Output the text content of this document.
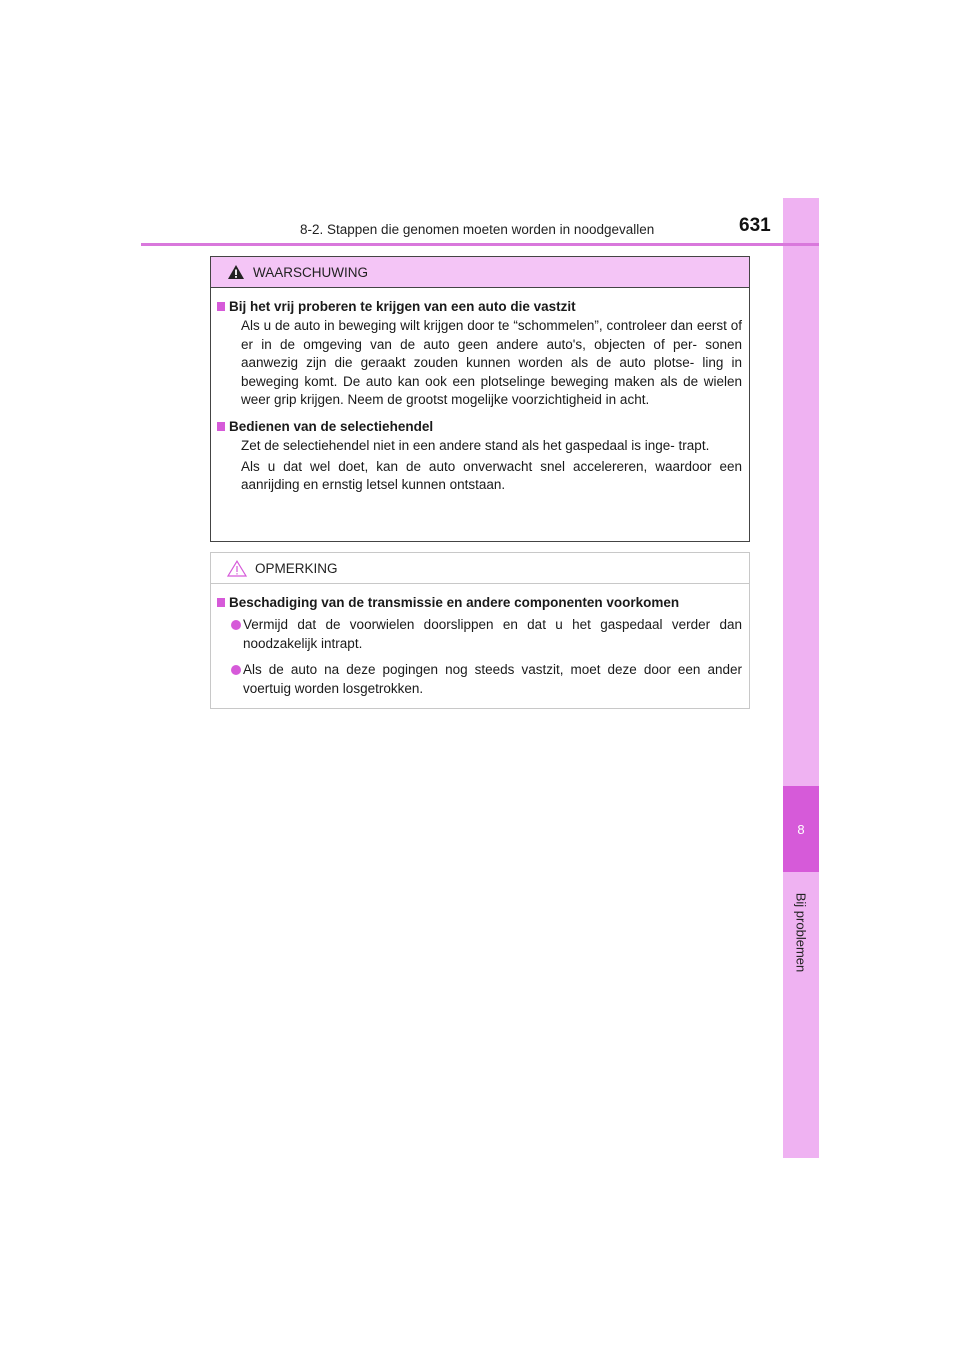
8
Bij problemen
8-2. Stappen die genomen moeten worden in noodgevallen	631
WAARSCHUWING
Bij het vrij proberen te krijgen van een auto die vastzit

Als u de auto in beweging wilt krijgen door te “schommelen”, controleer dan eerst of er in de omgeving van de auto geen andere auto's, objecten of per- sonen aanwezig zijn die geraakt zouden kunnen worden als de auto plotse- ling in beweging komt. De auto kan ook een plotselinge beweging maken als de wielen weer grip krijgen. Neem de grootst mogelijke voorzichtigheid in acht.

Bedienen van de selectiehendel

Zet de selectiehendel niet in een andere stand als het gaspedaal is inge- trapt.

Als u dat wel doet, kan de auto onverwacht snel accelereren, waardoor een aanrijding en ernstig letsel kunnen ontstaan.

OPMERKING
Beschadiging van de transmissie en andere componenten voorkomen
Vermijd dat de voorwielen doorslippen en dat u het gaspedaal verder dan noodzakelijk intrapt.
Als de auto na deze pogingen nog steeds vastzit, moet deze door een ander voertuig worden losgetrokken.
